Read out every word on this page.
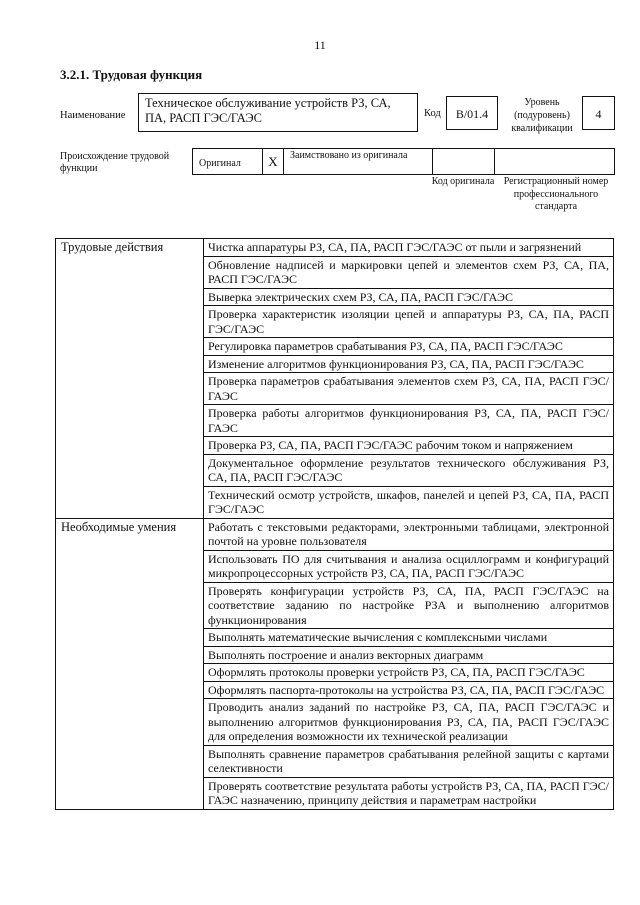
11
3.2.1. Трудовая функция
Наименование
Техническое обслуживание устройств РЗ, СА, ПА, РАСП ГЭС/ГАЭС	Код	В/01.4
Уровень (подуровень) квалификации
4
Происхождение трудовой функции	Оригинал	X	Заимствовано из оригинала
Код оригинала Регистрационный номер профессионального стандарта
Трудовые действия	Чистка аппаратуры РЗ, СА, ПА, РАСП ГЭС/ГАЭС от пыли и загрязнений
	Обновление надписей и маркировки цепей и элементов схем РЗ, СА, ПА, РАСП ГЭС/ГАЭС
	Выверка электрических схем РЗ, СА, ПА, РАСП ГЭС/ГАЭС
	Проверка характеристик изоляции цепей и аппаратуры РЗ, СА, ПА, РАСП ГЭС/ГАЭС
	Регулировка параметров срабатывания РЗ, СА, ПА, РАСП ГЭС/ГАЭС
	Изменение алгоритмов функционирования РЗ, СА, ПА, РАСП ГЭС/ГАЭС
	Проверка параметров срабатывания элементов схем РЗ, СА, ПА, РАСП ГЭС/ГАЭС
	Проверка работы алгоритмов функционирования РЗ, СА, ПА, РАСП ГЭС/ГАЭС
	Проверка РЗ, СА, ПА, РАСП ГЭС/ГАЭС рабочим током и напряжением
	Документальное оформление результатов технического обслуживания РЗ, СА, ПА, РАСП ГЭС/ГАЭС
	Технический осмотр устройств, шкафов, панелей и цепей РЗ, СА, ПА, РАСП ГЭС/ГАЭС
Необходимые умения	Работать с текстовыми редакторами, электронными таблицами, электронной почтой на уровне пользователя
	Использовать ПО для считывания и анализа осциллограмм и конфигураций микропроцессорных устройств РЗ, СА, ПА, РАСП ГЭС/ГАЭС
	Проверять конфигурации устройств РЗ, СА, ПА, РАСП ГЭС/ГАЭС на соответствие заданию по настройке РЗА и выполнению алгоритмов функционирования
	Выполнять математические вычисления с комплексными числами
	Выполнять построение и анализ векторных диаграмм
	Оформлять протоколы проверки устройств РЗ, СА, ПА, РАСП ГЭС/ГАЭС
	Оформлять паспорта-протоколы на устройства РЗ, СА, ПА, РАСП ГЭС/ГАЭС
	Проводить анализ заданий по настройке РЗ, СА, ПА, РАСП ГЭС/ГАЭС и выполнению алгоритмов функционирования РЗ, СА, ПА, РАСП ГЭС/ГАЭС для определения возможности их технической реализации
	Выполнять сравнение параметров срабатывания релейной защиты с картами селективности
	Проверять соответствие результата работы устройств РЗ, СА, ПА, РАСП ГЭС/ГАЭС назначению, принципу действия и параметрам настройки
